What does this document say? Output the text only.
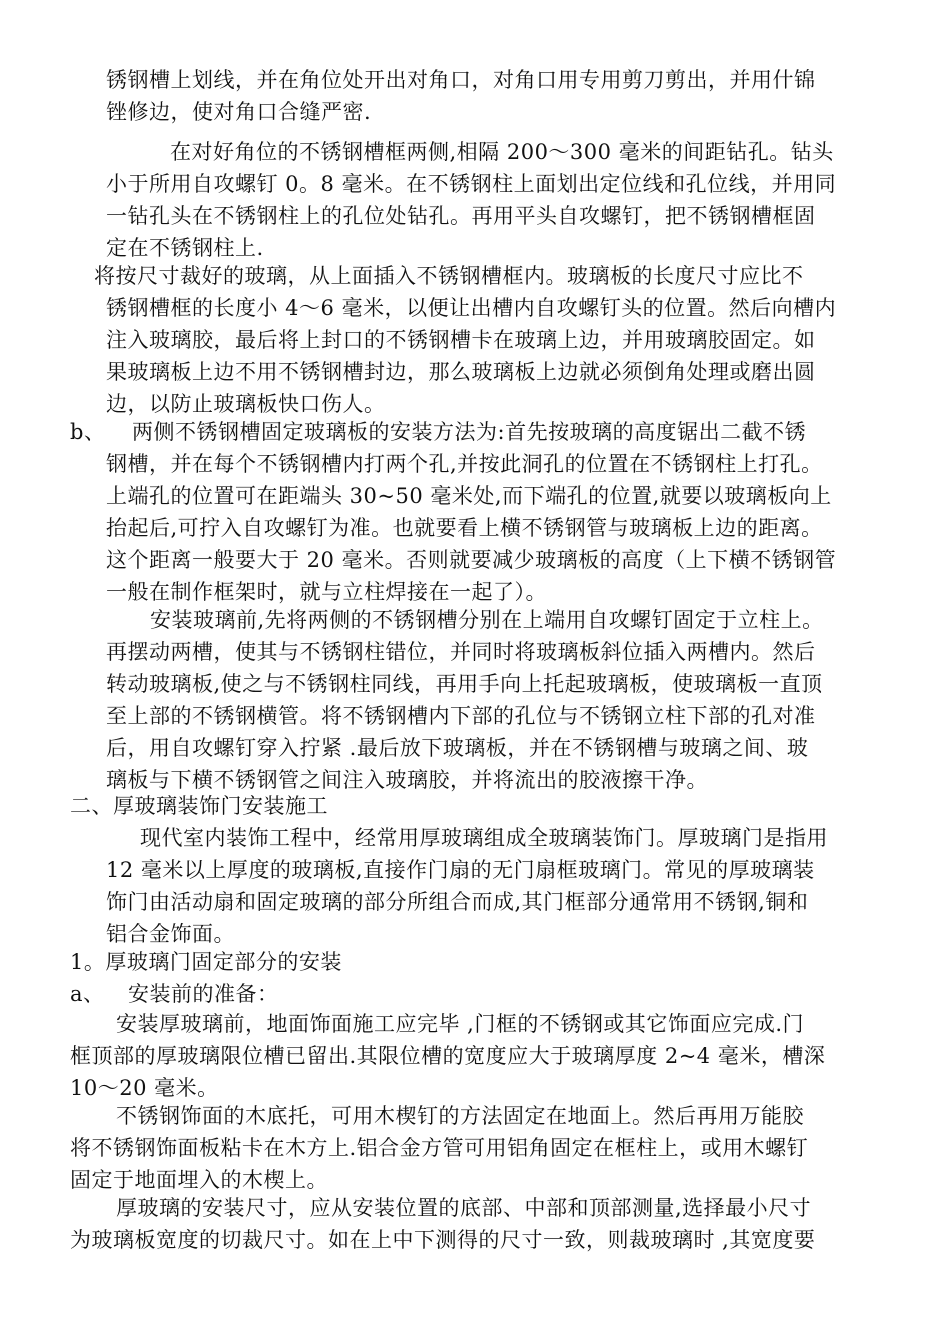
锈钢槽上划线，并在角位处开出对角口，对角口用专用剪刀剪出，并用什锦
锉修边，使对角口合缝严密.
在对好角位的不锈钢槽框两侧,相隔 200～300 毫米的间距钻孔。钻头
小于所用自攻螺钉 0。8 毫米。在不锈钢柱上面划出定位线和孔位线，并用同
一钻孔头在不锈钢柱上的孔位处钻孔。再用平头自攻螺钉，把不锈钢槽框固
定在不锈钢柱上.
将按尺寸裁好的玻璃，从上面插入不锈钢槽框内。玻璃板的长度尺寸应比不
锈钢槽框的长度小 4～6 毫米，以便让出槽内自攻螺钉头的位置。然后向槽内
注入玻璃胶，最后将上封口的不锈钢槽卡在玻璃上边，并用玻璃胶固定。如
果玻璃板上边不用不锈钢槽封边，那么玻璃板上边就必须倒角处理或磨出圆
边，以防止玻璃板快口伤人。
b、	两侧不锈钢槽固定玻璃板的安装方法为:首先按玻璃的高度锯出二截不锈
钢槽，并在每个不锈钢槽内打两个孔,并按此洞孔的位置在不锈钢柱上打孔。
上端孔的位置可在距端头 30~50 毫米处,而下端孔的位置,就要以玻璃板向上
抬起后,可拧入自攻螺钉为准。也就要看上横不锈钢管与玻璃板上边的距离。
这个距离一般要大于 20 毫米。否则就要减少玻璃板的高度（上下横不锈钢管
一般在制作框架时，就与立柱焊接在一起了）。
安装玻璃前,先将两侧的不锈钢槽分别在上端用自攻螺钉固定于立柱上。
再摆动两槽，使其与不锈钢柱错位，并同时将玻璃板斜位插入两槽内。然后
转动玻璃板,使之与不锈钢柱同线，再用手向上托起玻璃板，使玻璃板一直顶
至上部的不锈钢横管。将不锈钢槽内下部的孔位与不锈钢立柱下部的孔对准
后，用自攻螺钉穿入拧紧 .最后放下玻璃板，并在不锈钢槽与玻璃之间、玻
璃板与下横不锈钢管之间注入玻璃胶，并将流出的胶液擦干净。
二、厚玻璃装饰门安装施工
现代室内装饰工程中，经常用厚玻璃组成全玻璃装饰门。厚玻璃门是指用
12 毫米以上厚度的玻璃板,直接作门扇的无门扇框玻璃门。常见的厚玻璃装
饰门由活动扇和固定玻璃的部分所组合而成,其门框部分通常用不锈钢,铜和
铝合金饰面。
1。厚玻璃门固定部分的安装
a、 安装前的准备：
安装厚玻璃前，地面饰面施工应完毕 ,门框的不锈钢或其它饰面应完成.门
框顶部的厚玻璃限位槽已留出.其限位槽的宽度应大于玻璃厚度 2~4 毫米，槽深
10～20 毫米。
不锈钢饰面的木底托，可用木楔钉的方法固定在地面上。然后再用万能胶
将不锈钢饰面板粘卡在木方上.铝合金方管可用铝角固定在框柱上，或用木螺钉
固定于地面埋入的木楔上。
厚玻璃的安装尺寸，应从安装位置的底部、中部和顶部测量,选择最小尺寸
为玻璃板宽度的切裁尺寸。如在上中下测得的尺寸一致，则裁玻璃时 ,其宽度要
